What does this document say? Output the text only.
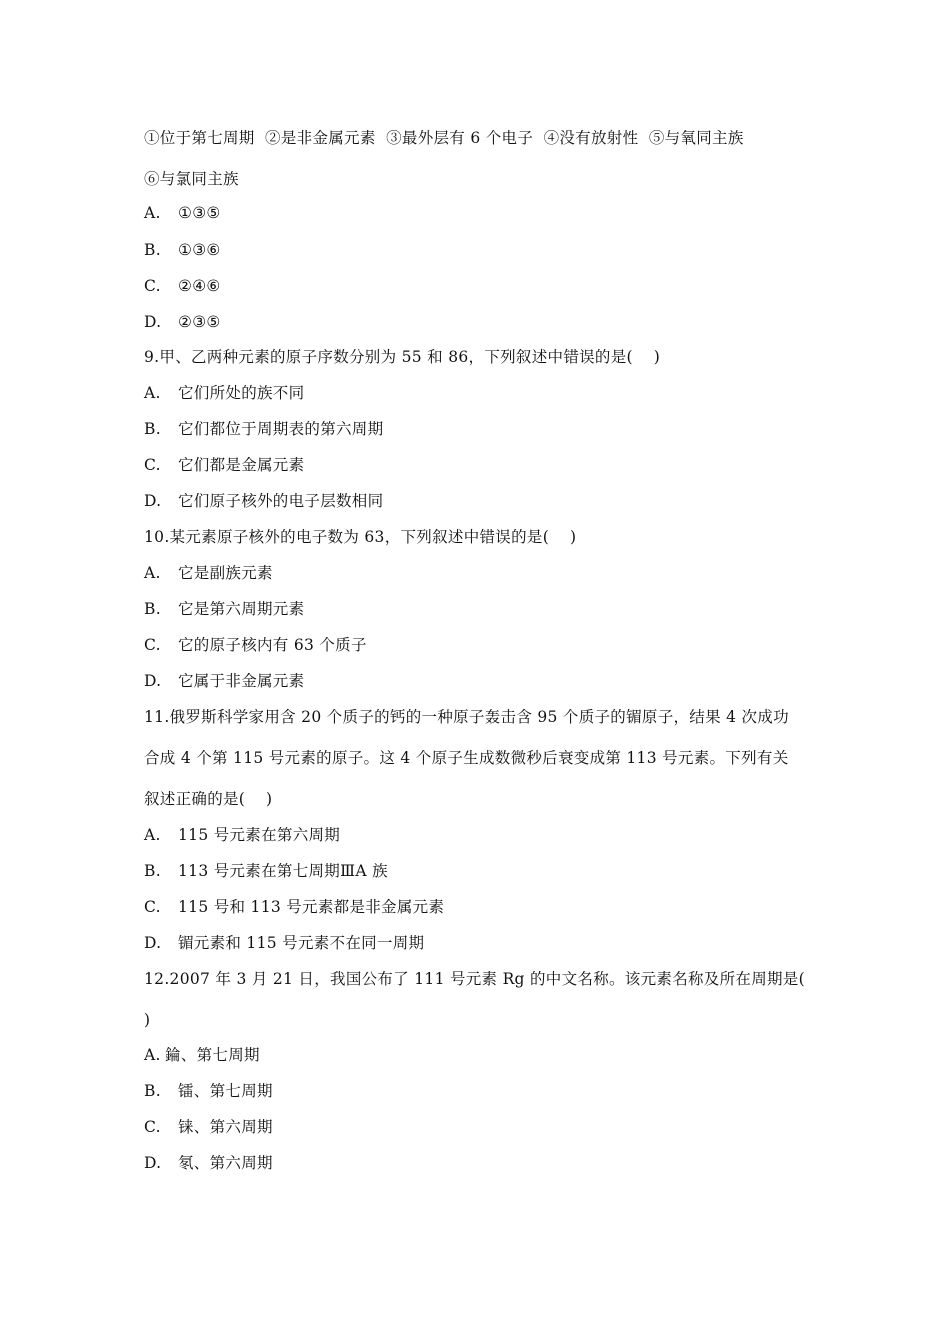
①位于第七周期  ②是非金属元素  ③最外层有 6 个电子  ④没有放射性  ⑤与氧同主族
⑥与氯同主族
A. ①③⑤
B. ①③⑥
C. ②④⑥
D. ②③⑤
9.甲、乙两种元素的原子序数分别为 55 和 86，下列叙述中错误的是(    )
A. 它们所处的族不同
B. 它们都位于周期表的第六周期
C. 它们都是金属元素
D. 它们原子核外的电子层数相同
10.某元素原子核外的电子数为 63，下列叙述中错误的是(    )
A. 它是副族元素
B. 它是第六周期元素
C. 它的原子核内有 63 个质子
D. 它属于非金属元素
11.俄罗斯科学家用含 20 个质子的钙的一种原子轰击含 95 个质子的镅原子，结果 4 次成功
合成 4 个第 115 号元素的原子。这 4 个原子生成数微秒后衰变成第 113 号元素。下列有关
叙述正确的是(    )
A. 115 号元素在第六周期
B. 113 号元素在第七周期ⅢA 族
C. 115 号和 113 号元素都是非金属元素
D. 镅元素和 115 号元素不在同一周期
12.2007 年 3 月 21 日，我国公布了 111 号元素 Rg 的中文名称。该元素名称及所在周期是(
)
A. 錀、第七周期
B. 镭、第七周期
C. 铼、第六周期
D. 氡、第六周期
